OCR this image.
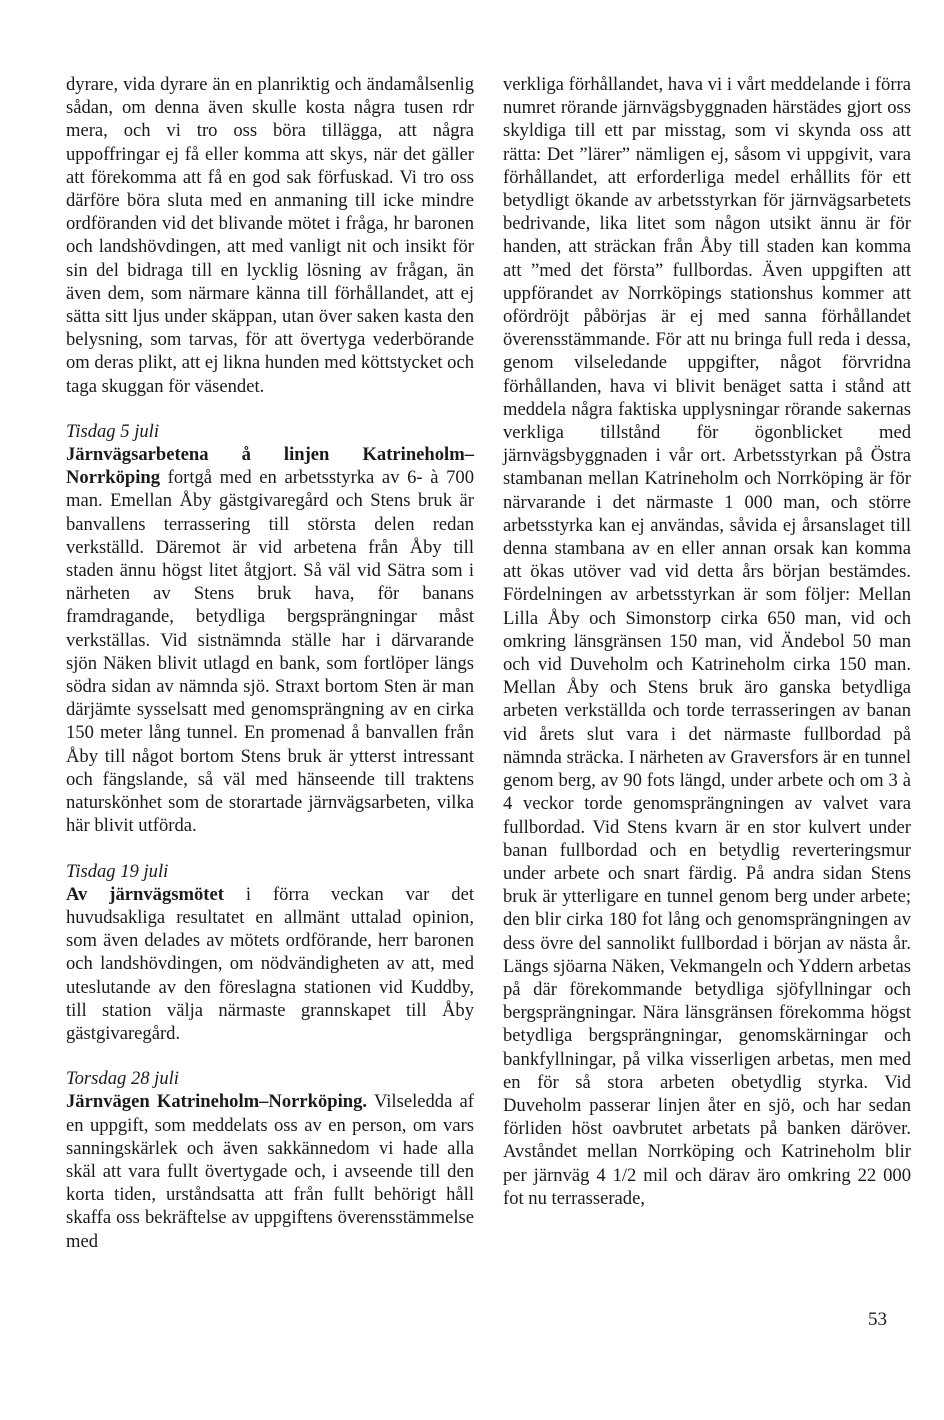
dyrare, vida dyrare än en planriktig och ändamålsenlig sådan, om denna även skulle kosta några tusen rdr mera, och vi tro oss böra tillägga, att några uppoffringar ej få eller komma att skys, när det gäller att förekomma att få en god sak förfuskad. Vi tro oss därföre böra sluta med en anmaning till icke mindre ordföranden vid det blivande mötet i fråga, hr baronen och landshövdingen, att med vanligt nit och insikt för sin del bidraga till en lycklig lösning av frågan, än även dem, som närmare känna till förhållandet, att ej sätta sitt ljus under skäppan, utan över saken kasta den belysning, som tarvas, för att övertyga vederbörande om deras plikt, att ej likna hunden med köttstycket och taga skuggan för väsendet.

Tisdag 5 juli

Järnvägsarbetena å linjen Katrineholm–Norrköping fortgå med en arbetsstyrka av 6- à 700 man. Emellan Åby gästgivaregård och Stens bruk är banvallens terrassering till största delen redan verkställd. Däremot är vid arbetena från Åby till staden ännu högst litet åtgjort. Så väl vid Sätra som i närheten av Stens bruk hava, för banans framdragande, betydliga bergsprängningar måst verkställas. Vid sistnämnda ställe har i därvarande sjön Näken blivit utlagd en bank, som fortlöper längs södra sidan av nämnda sjö. Straxt bortom Sten är man därjämte sysselsatt med genomsprängning av en cirka 150 meter lång tunnel. En promenad å banvallen från Åby till något bortom Stens bruk är ytterst intressant och fängslande, så väl med hänseende till traktens naturskönhet som de storartade järnvägsarbeten, vilka här blivit utförda.

Tisdag 19 juli

Av järnvägsmötet i förra veckan var det huvudsakliga resultatet en allmänt uttalad opinion, som även delades av mötets ordförande, herr baronen och landshövdingen, om nödvändigheten av att, med uteslutande av den föreslagna stationen vid Kuddby, till station välja närmaste grannskapet till Åby gästgivaregård.

Torsdag 28 juli

Järnvägen Katrineholm–Norrköping. Vilseledda af en uppgift, som meddelats oss av en person, om vars sanningskärlek och även sakkännedom vi hade alla skäl att vara fullt övertygade och, i avseende till den korta tiden, urståndsatta att från fullt behörigt håll skaffa oss bekräftelse av uppgiftens överensstämmelse med

verkliga förhållandet, hava vi i vårt meddelande i förra numret rörande järnvägsbyggnaden härstädes gjort oss skyldiga till ett par misstag, som vi skynda oss att rätta: Det ”lärer” nämligen ej, såsom vi uppgivit, vara förhållandet, att erforderliga medel erhållits för ett betydligt ökande av arbetsstyrkan för järnvägsarbetets bedrivande, lika litet som någon utsikt ännu är för handen, att sträckan från Åby till staden kan komma att ”med det första” fullbordas. Även uppgiften att uppförandet av Norrköpings stationshus kommer att ofördröjt påbörjas är ej med sanna förhållandet överensstämmande. För att nu bringa full reda i dessa, genom vilseledande uppgifter, något förvridna förhållanden, hava vi blivit benäget satta i stånd att meddela några faktiska upplysningar rörande sakernas verkliga tillstånd för ögonblicket med järnvägsbyggnaden i vår ort. Arbetsstyrkan på Östra stambanan mellan Katrineholm och Norrköping är för närvarande i det närmaste 1 000 man, och större arbetsstyrka kan ej användas, såvida ej årsanslaget till denna stambana av en eller annan orsak kan komma att ökas utöver vad vid detta års början bestämdes. Fördelningen av arbetsstyrkan är som följer: Mellan Lilla Åby och Simonstorp cirka 650 man, vid och omkring länsgränsen 150 man, vid Ändebol 50 man och vid Duveholm och Katrineholm cirka 150 man. Mellan Åby och Stens bruk äro ganska betydliga arbeten verkställda och torde terrasseringen av banan vid årets slut vara i det närmaste fullbordad på nämnda sträcka. I närheten av Graversfors är en tunnel genom berg, av 90 fots längd, under arbete och om 3 à 4 veckor torde genomsprängningen av valvet vara fullbordad. Vid Stens kvarn är en stor kulvert under banan fullbordad och en betydlig reverteringsmur under arbete och snart färdig. På andra sidan Stens bruk är ytterligare en tunnel genom berg under arbete; den blir cirka 180 fot lång och genomsprängningen av dess övre del sannolikt fullbordad i början av nästa år. Längs sjöarna Näken, Vekmangeln och Yddern arbetas på där förekommande betydliga sjöfyllningar och bergsprängningar. Nära länsgränsen förekomma högst betydliga bergsprängningar, genomskärningar och bankfyllningar, på vilka visserligen arbetas, men med en för så stora arbeten obetydlig styrka. Vid Duveholm passerar linjen åter en sjö, och har sedan förliden höst oavbrutet arbetats på banken däröver. Avståndet mellan Norrköping och Katrineholm blir per järnväg 4 1/2 mil och därav äro omkring 22 000 fot nu terrasserade,

53
